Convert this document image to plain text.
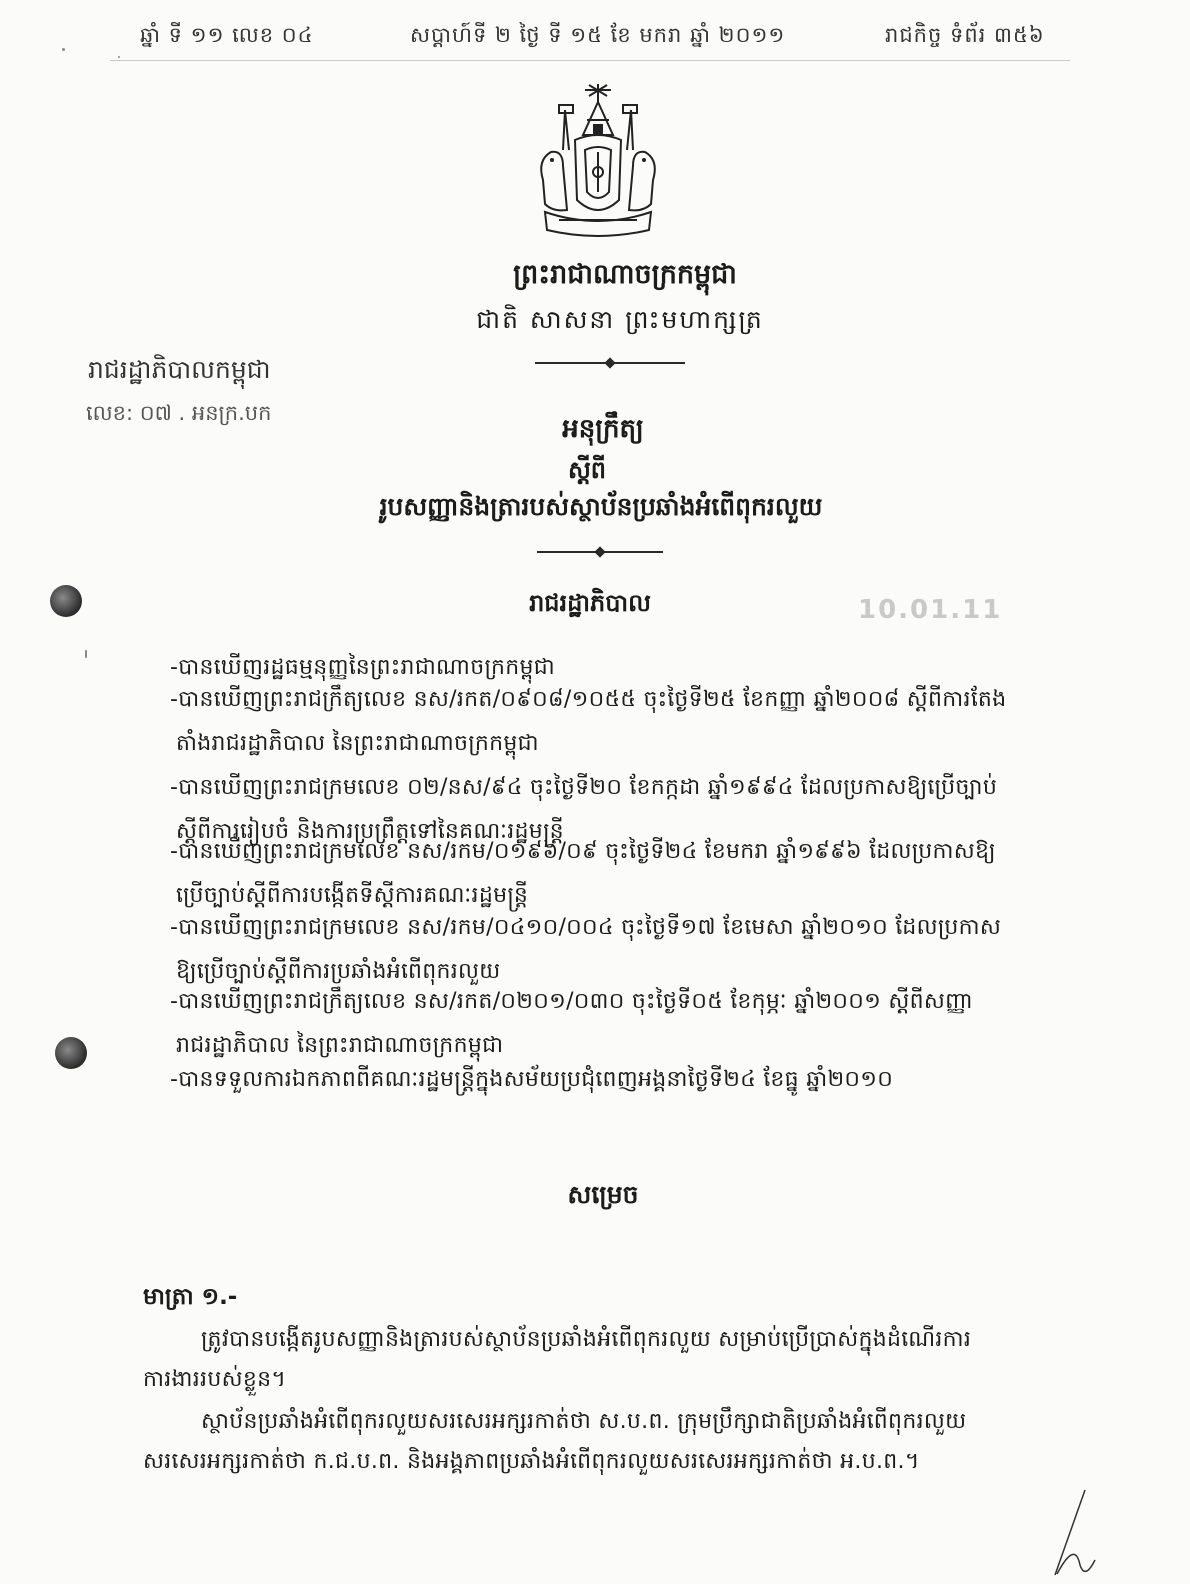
ឆ្នាំ ទី ១១ លេខ ០៤	សប្តាហ៍ទី ២ ថ្ងៃ ទី ១៥ ខែ មករា ឆ្នាំ ២០១១	រាជកិច្ច ទំព័រ ៣៥៦
ព្រះរាជាណាចក្រកម្ពុជា
ជាតិ សាសនា ព្រះមហាក្សត្រ
រាជរដ្ឋាភិបាលកម្ពុជា
លេខ: ០៧ . អនក្រ.បក
អនុក្រឹត្យ
ស្តីពី
រូបសញ្ញានិងត្រារបស់ស្ថាប័នប្រឆាំងអំពើពុករលួយ
រាជរដ្ឋាភិបាល	10.01.11
-បានឃើញរដ្ឋធម្មនុញ្ញនៃព្រះរាជាណាចក្រកម្ពុជា
-បានឃើញព្រះរាជក្រឹត្យលេខ នស/រកត/០៩០៨/១០៥៥ ចុះថ្ងៃទី២៥ ខែកញ្ញា ឆ្នាំ២០០៨ ស្តីពីការតែង
តាំងរាជរដ្ឋាភិបាល នៃព្រះរាជាណាចក្រកម្ពុជា
-បានឃើញព្រះរាជក្រមលេខ ០២/នស/៩៤ ចុះថ្ងៃទី២០ ខែកក្កដា ឆ្នាំ១៩៩៤ ដែលប្រកាសឱ្យប្រើច្បាប់
ស្តីពីការរៀបចំ និងការប្រព្រឹត្តទៅនៃគណៈរដ្ឋមន្ត្រី
-បានឃើញព្រះរាជក្រមលេខ នស/រកម/០១៩៦/០៩ ចុះថ្ងៃទី២៤ ខែមករា ឆ្នាំ១៩៩៦ ដែលប្រកាសឱ្យ
ប្រើច្បាប់ស្តីពីការបង្កើតទីស្តីការគណៈរដ្ឋមន្ត្រី
-បានឃើញព្រះរាជក្រមលេខ នស/រកម/០៤១០/០០៤ ចុះថ្ងៃទី១៧ ខែមេសា ឆ្នាំ២០១០ ដែលប្រកាស
ឱ្យប្រើច្បាប់ស្តីពីការប្រឆាំងអំពើពុករលួយ
-បានឃើញព្រះរាជក្រឹត្យលេខ នស/រកត/០២០១/០៣០ ចុះថ្ងៃទី០៥ ខែកុម្ភៈ ឆ្នាំ២០០១ ស្តីពីសញ្ញា
រាជរដ្ឋាភិបាល នៃព្រះរាជាណាចក្រកម្ពុជា
-បានទទួលការឯកភាពពីគណៈរដ្ឋមន្ត្រីក្នុងសម័យប្រជុំពេញអង្គនាថ្ងៃទី២៤ ខែធ្នូ ឆ្នាំ២០១០
សម្រេច
មាត្រា ១.-
ត្រូវបានបង្កើតរូបសញ្ញានិងត្រារបស់ស្ថាប័នប្រឆាំងអំពើពុករលួយ សម្រាប់ប្រើប្រាស់ក្នុងដំណើរការ
ការងាររបស់ខ្លួន។
ស្ថាប័នប្រឆាំងអំពើពុករលួយសរសេរអក្សរកាត់ថា ស.ប.ព. ក្រុមប្រឹក្សាជាតិប្រឆាំងអំពើពុករលួយ
សរសេរអក្សរកាត់ថា ក.ជ.ប.ព. និងអង្គភាពប្រឆាំងអំពើពុករលួយសរសេរអក្សរកាត់ថា អ.ប.ព.។
